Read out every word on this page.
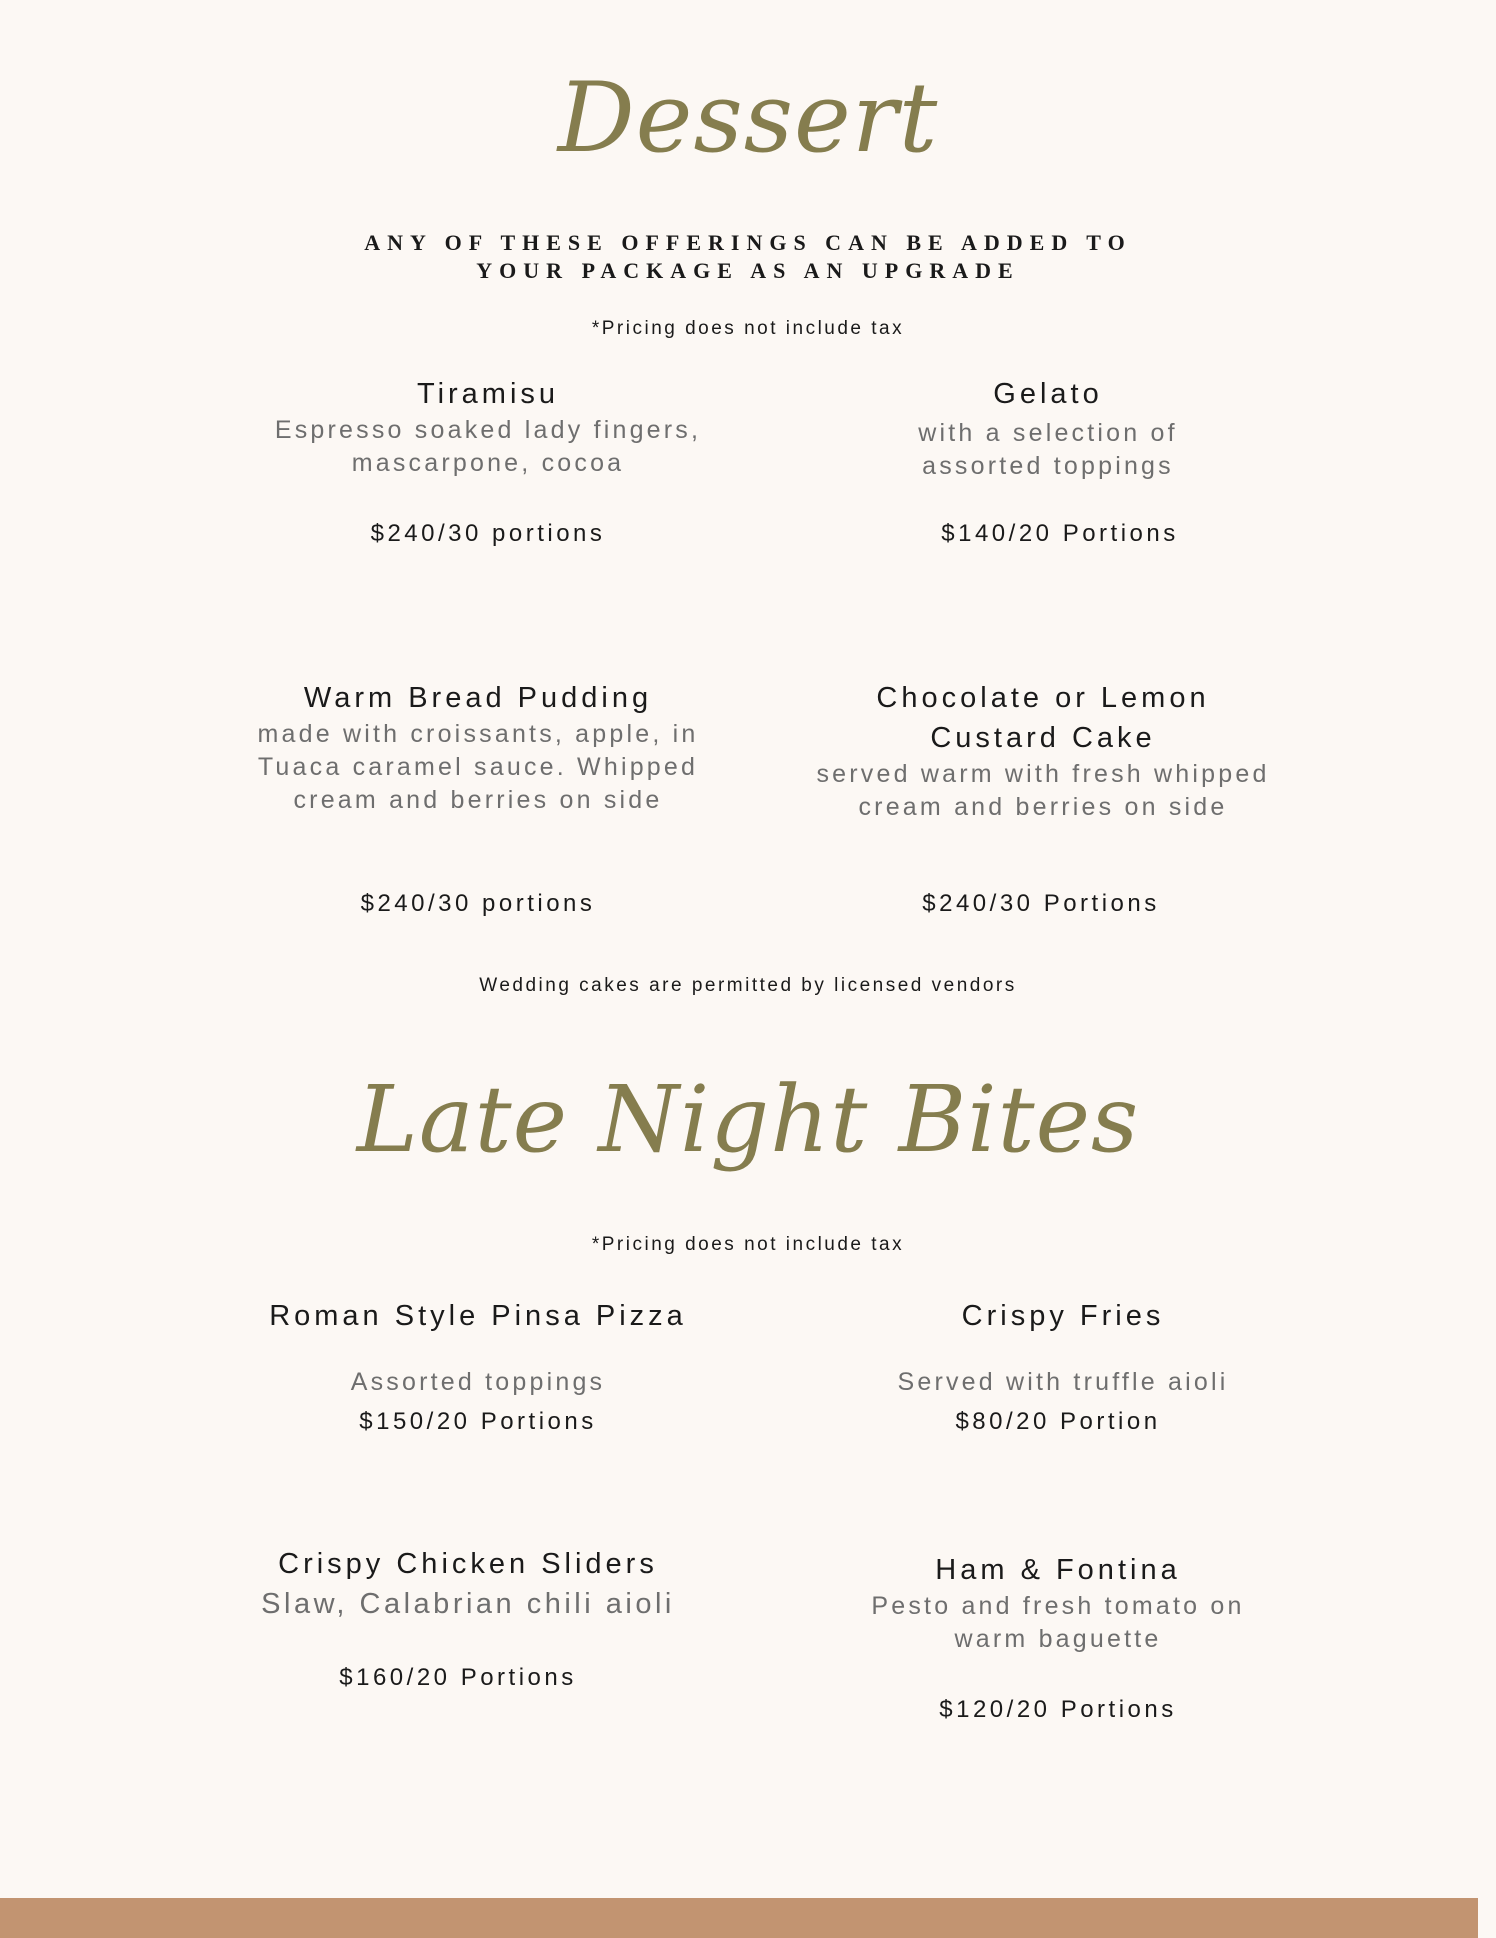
Dessert
ANY OF THESE OFFERINGS CAN BE ADDED TO YOUR PACKAGE AS AN UPGRADE
*Pricing does not include tax
Tiramisu
Espresso soaked lady fingers, mascarpone, cocoa
$240/30 portions
Gelato
with a selection of assorted toppings
$140/20 Portions
Warm Bread Pudding
made with croissants, apple, in Tuaca caramel sauce. Whipped cream and berries on side
$240/30 portions
Chocolate or Lemon Custard Cake
served warm with fresh whipped cream and berries on side
$240/30 Portions
Wedding cakes are permitted by licensed vendors
Late Night Bites
*Pricing does not include tax
Roman Style Pinsa Pizza
Assorted toppings
$150/20 Portions
Crispy Fries
Served with truffle aioli
$80/20 Portion
Crispy Chicken Sliders
Slaw, Calabrian chili aioli
$160/20 Portions
Ham & Fontina
Pesto and fresh tomato on warm baguette
$120/20 Portions
